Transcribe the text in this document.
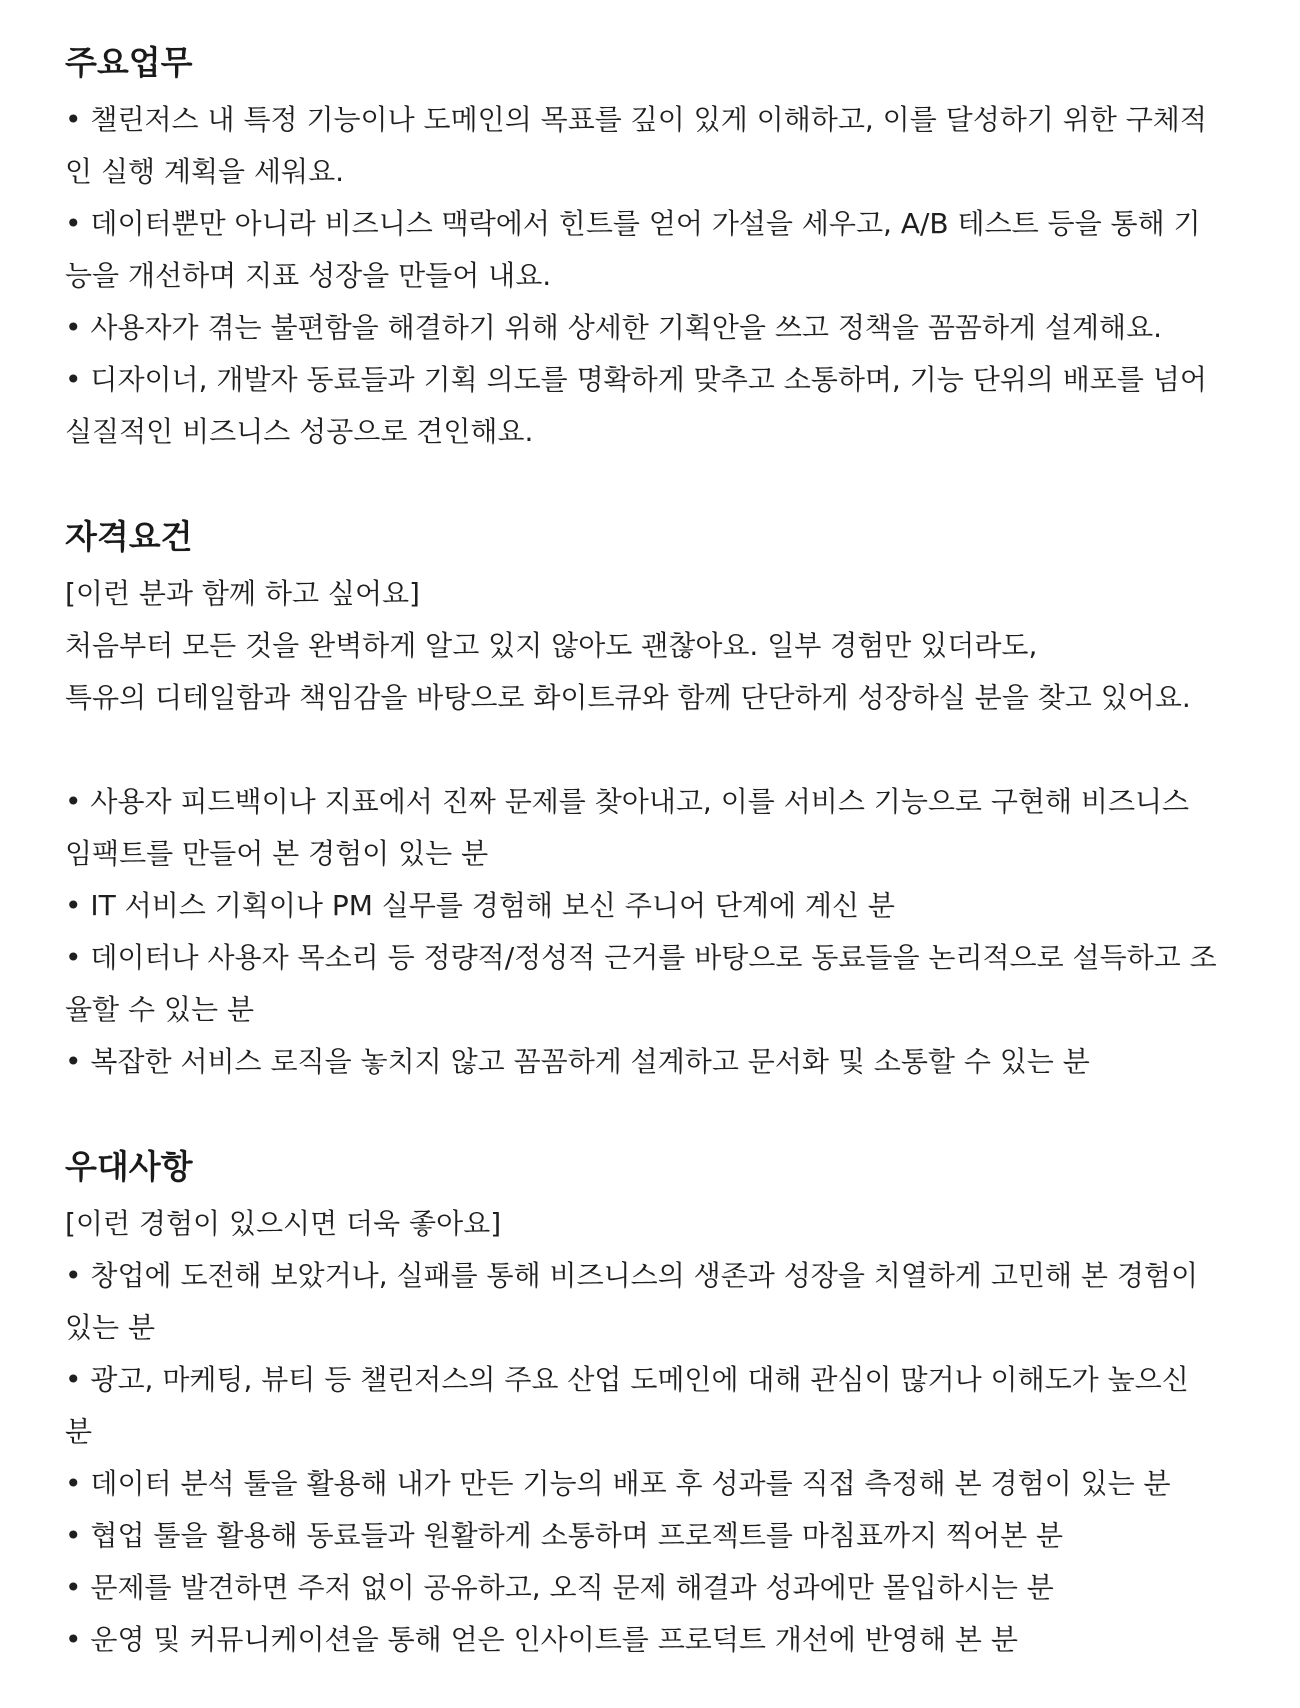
주요업무

• 챌린저스 내 특정 기능이나 도메인의 목표를 깊이 있게 이해하고, 이를 달성하기 위한 구체적

인 실행 계획을 세워요.

• 데이터뿐만 아니라 비즈니스 맥락에서 힌트를 얻어 가설을 세우고, A/B 테스트 등을 통해 기

능을 개선하며 지표 성장을 만들어 내요.

• 사용자가 겪는 불편함을 해결하기 위해 상세한 기획안을 쓰고 정책을 꼼꼼하게 설계해요.

• 디자이너, 개발자 동료들과 기획 의도를 명확하게 맞추고 소통하며, 기능 단위의 배포를 넘어

실질적인 비즈니스 성공으로 견인해요.

자격요건

[이런 분과 함께 하고 싶어요]

처음부터 모든 것을 완벽하게 알고 있지 않아도 괜찮아요. 일부 경험만 있더라도,

특유의 디테일함과 책임감을 바탕으로 화이트큐와 함께 단단하게 성장하실 분을 찾고 있어요.

• 사용자 피드백이나 지표에서 진짜 문제를 찾아내고, 이를 서비스 기능으로 구현해 비즈니스

임팩트를 만들어 본 경험이 있는 분

• IT 서비스 기획이나 PM 실무를 경험해 보신 주니어 단계에 계신 분

• 데이터나 사용자 목소리 등 정량적/정성적 근거를 바탕으로 동료들을 논리적으로 설득하고 조

율할 수 있는 분

• 복잡한 서비스 로직을 놓치지 않고 꼼꼼하게 설계하고 문서화 및 소통할 수 있는 분

우대사항

[이런 경험이 있으시면 더욱 좋아요]

• 창업에 도전해 보았거나, 실패를 통해 비즈니스의 생존과 성장을 치열하게 고민해 본 경험이

있는 분

• 광고, 마케팅, 뷰티 등 챌린저스의 주요 산업 도메인에 대해 관심이 많거나 이해도가 높으신

분

• 데이터 분석 툴을 활용해 내가 만든 기능의 배포 후 성과를 직접 측정해 본 경험이 있는 분

• 협업 툴을 활용해 동료들과 원활하게 소통하며 프로젝트를 마침표까지 찍어본 분

• 문제를 발견하면 주저 없이 공유하고, 오직 문제 해결과 성과에만 몰입하시는 분

• 운영 및 커뮤니케이션을 통해 얻은 인사이트를 프로덕트 개선에 반영해 본 분
